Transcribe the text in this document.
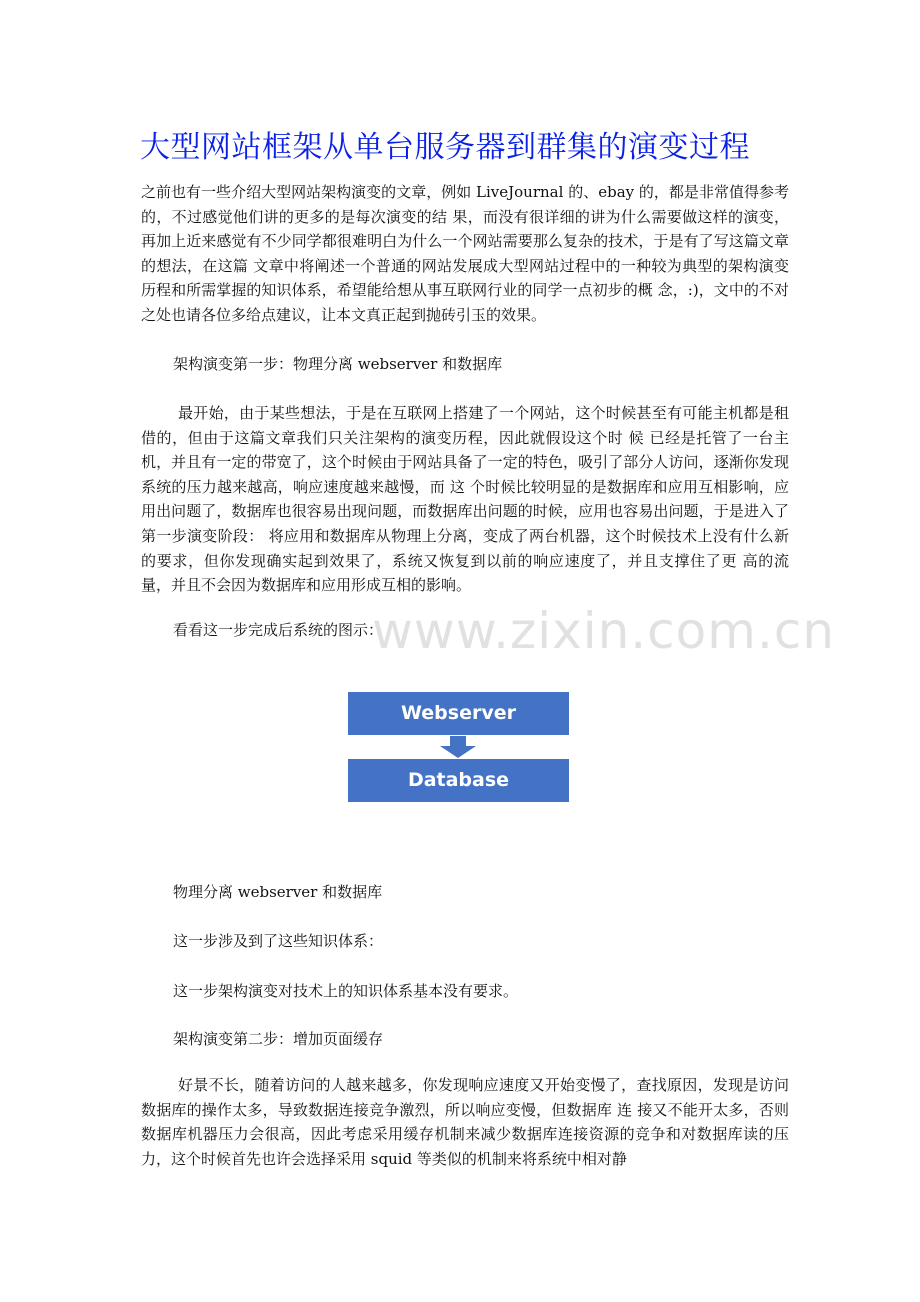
大型网站框架从单台服务器到群集的演变过程

之前也有一些介绍大型网站架构演变的文章，例如 LiveJournal 的、ebay 的，都是非常值得参考的，不过感觉他们讲的更多的是每次演变的结 果，而没有很详细的讲为什么需要做这样的演变，再加上近来感觉有不少同学都很难明白为什么一个网站需要那么复杂的技术，于是有了写这篇文章的想法，在这篇 文章中将阐述一个普通的网站发展成大型网站过程中的一种较为典型的架构演变历程和所需掌握的知识体系，希望能给想从事互联网行业的同学一点初步的概 念，:)，文中的不对之处也请各位多给点建议，让本文真正起到抛砖引玉的效果。

架构演变第一步：物理分离 webserver 和数据库

最开始，由于某些想法，于是在互联网上搭建了一个网站，这个时候甚至有可能主机都是租借的，但由于这篇文章我们只关注架构的演变历程，因此就假设这个时 候 已经是托管了一台主机，并且有一定的带宽了，这个时候由于网站具备了一定的特色，吸引了部分人访问，逐渐你发现系统的压力越来越高，响应速度越来越慢，而 这 个时候比较明显的是数据库和应用互相影响，应用出问题了，数据库也很容易出现问题，而数据库出问题的时候，应用也容易出问题，于是进入了第一步演变阶段： 将应用和数据库从物理上分离，变成了两台机器，这个时候技术上没有什么新的要求，但你发现确实起到效果了，系统又恢复到以前的响应速度了，并且支撑住了更 高的流量，并且不会因为数据库和应用形成互相的影响。

看看这一步完成后系统的图示：

www.zixin.com.cn
Webserver
Database

物理分离 webserver 和数据库

这一步涉及到了这些知识体系：

这一步架构演变对技术上的知识体系基本没有要求。

架构演变第二步：增加页面缓存

好景不长，随着访问的人越来越多，你发现响应速度又开始变慢了，查找原因，发现是访问数据库的操作太多，导致数据连接竞争激烈，所以响应变慢，但数据库 连 接又不能开太多，否则数据库机器压力会很高，因此考虑采用缓存机制来减少数据库连接资源的竞争和对数据库读的压力，这个时候首先也许会选择采用 squid 等类似的机制来将系统中相对静
